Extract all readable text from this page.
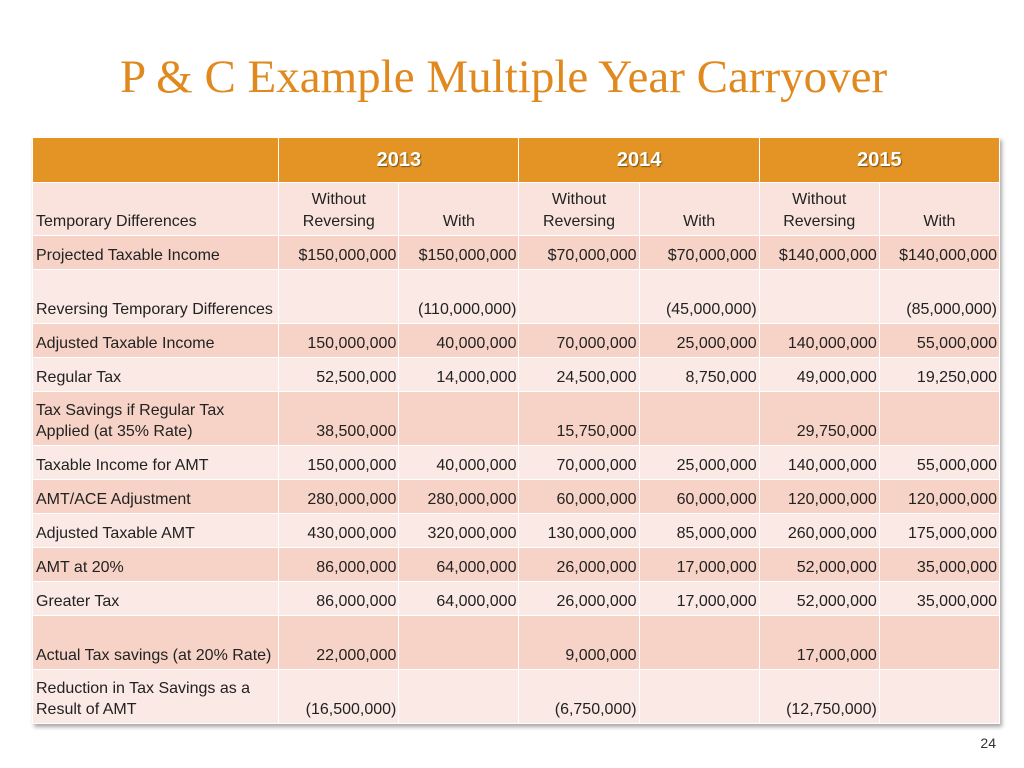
P & C Example Multiple Year Carryover
	2013		2014		2015	
Temporary Differences	Without Reversing	With	Without Reversing	With	Without Reversing	With
Projected Taxable Income	$150,000,000	$150,000,000	$70,000,000	$70,000,000	$140,000,000	$140,000,000
Reversing Temporary Differences		(110,000,000)		(45,000,000)		(85,000,000)
Adjusted Taxable Income	150,000,000	40,000,000	70,000,000	25,000,000	140,000,000	55,000,000
Regular Tax	52,500,000	14,000,000	24,500,000	8,750,000	49,000,000	19,250,000
Tax Savings if Regular Tax Applied (at 35% Rate)	38,500,000		15,750,000		29,750,000	
Taxable Income for AMT	150,000,000	40,000,000	70,000,000	25,000,000	140,000,000	55,000,000
AMT/ACE Adjustment	280,000,000	280,000,000	60,000,000	60,000,000	120,000,000	120,000,000
Adjusted Taxable AMT	430,000,000	320,000,000	130,000,000	85,000,000	260,000,000	175,000,000
AMT at 20%	86,000,000	64,000,000	26,000,000	17,000,000	52,000,000	35,000,000
Greater Tax	86,000,000	64,000,000	26,000,000	17,000,000	52,000,000	35,000,000
Actual Tax savings (at 20% Rate)	22,000,000		9,000,000		17,000,000	
Reduction in Tax Savings as a Result of AMT	(16,500,000)		(6,750,000)		(12,750,000)	
24
